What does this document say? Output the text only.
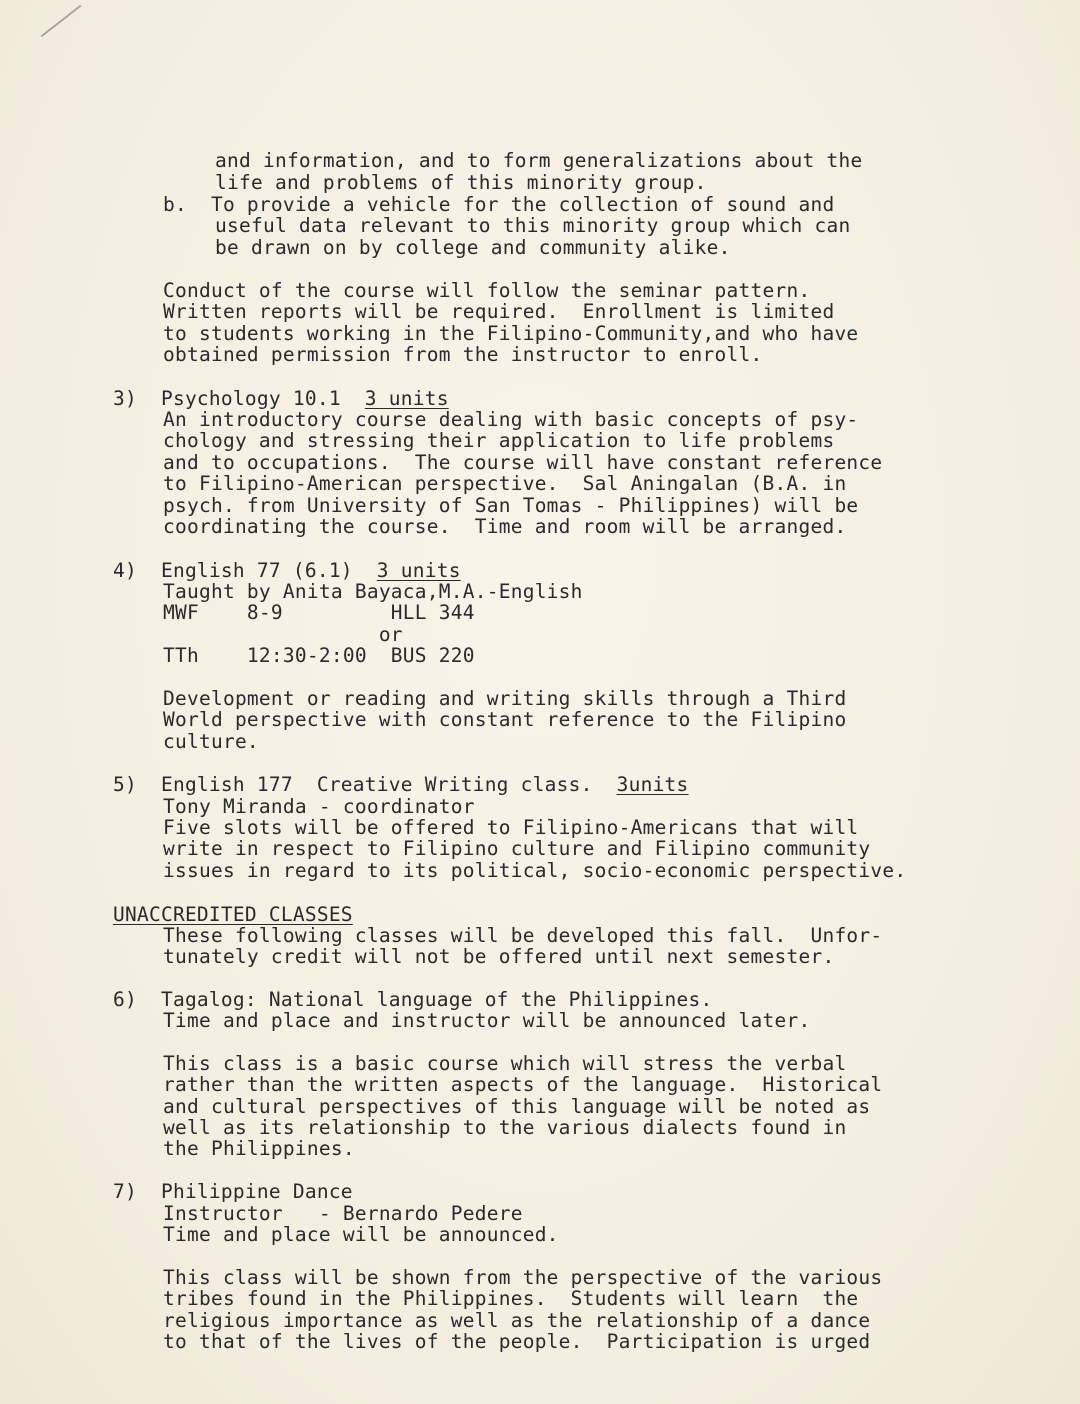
and information, and to form generalizations about the
life and problems of this minority group.
b.  To provide a vehicle for the collection of sound and
useful data relevant to this minority group which can
be drawn on by college and community alike.
Conduct of the course will follow the seminar pattern.
Written reports will be required.  Enrollment is limited
to students working in the Filipino-Community,and who have
obtained permission from the instructor to enroll.
3)  Psychology 10.1  3 units
An introductory course dealing with basic concepts of psy-
chology and stressing their application to life problems
and to occupations.  The course will have constant reference
to Filipino-American perspective.  Sal Aningalan (B.A. in
psych. from University of San Tomas - Philippines) will be
coordinating the course.  Time and room will be arranged.
4)  English 77 (6.1)  3 units
Taught by Anita Bayaca,M.A.-English
MWF    8-9         HLL 344
or
TTh    12:30-2:00  BUS 220
Development or reading and writing skills through a Third
World perspective with constant reference to the Filipino
culture.
5)  English 177  Creative Writing class.  3units
Tony Miranda - coordinator
Five slots will be offered to Filipino-Americans that will
write in respect to Filipino culture and Filipino community
issues in regard to its political, socio-economic perspective.
UNACCREDITED CLASSES
These following classes will be developed this fall.  Unfor-
tunately credit will not be offered until next semester.
6)  Tagalog: National language of the Philippines.
Time and place and instructor will be announced later.
This class is a basic course which will stress the verbal
rather than the written aspects of the language.  Historical
and cultural perspectives of this language will be noted as
well as its relationship to the various dialects found in
the Philippines.
7)  Philippine Dance
Instructor   - Bernardo Pedere
Time and place will be announced.
This class will be shown from the perspective of the various
tribes found in the Philippines.  Students will learn  the
religious importance as well as the relationship of a dance
to that of the lives of the people.  Participation is urged
